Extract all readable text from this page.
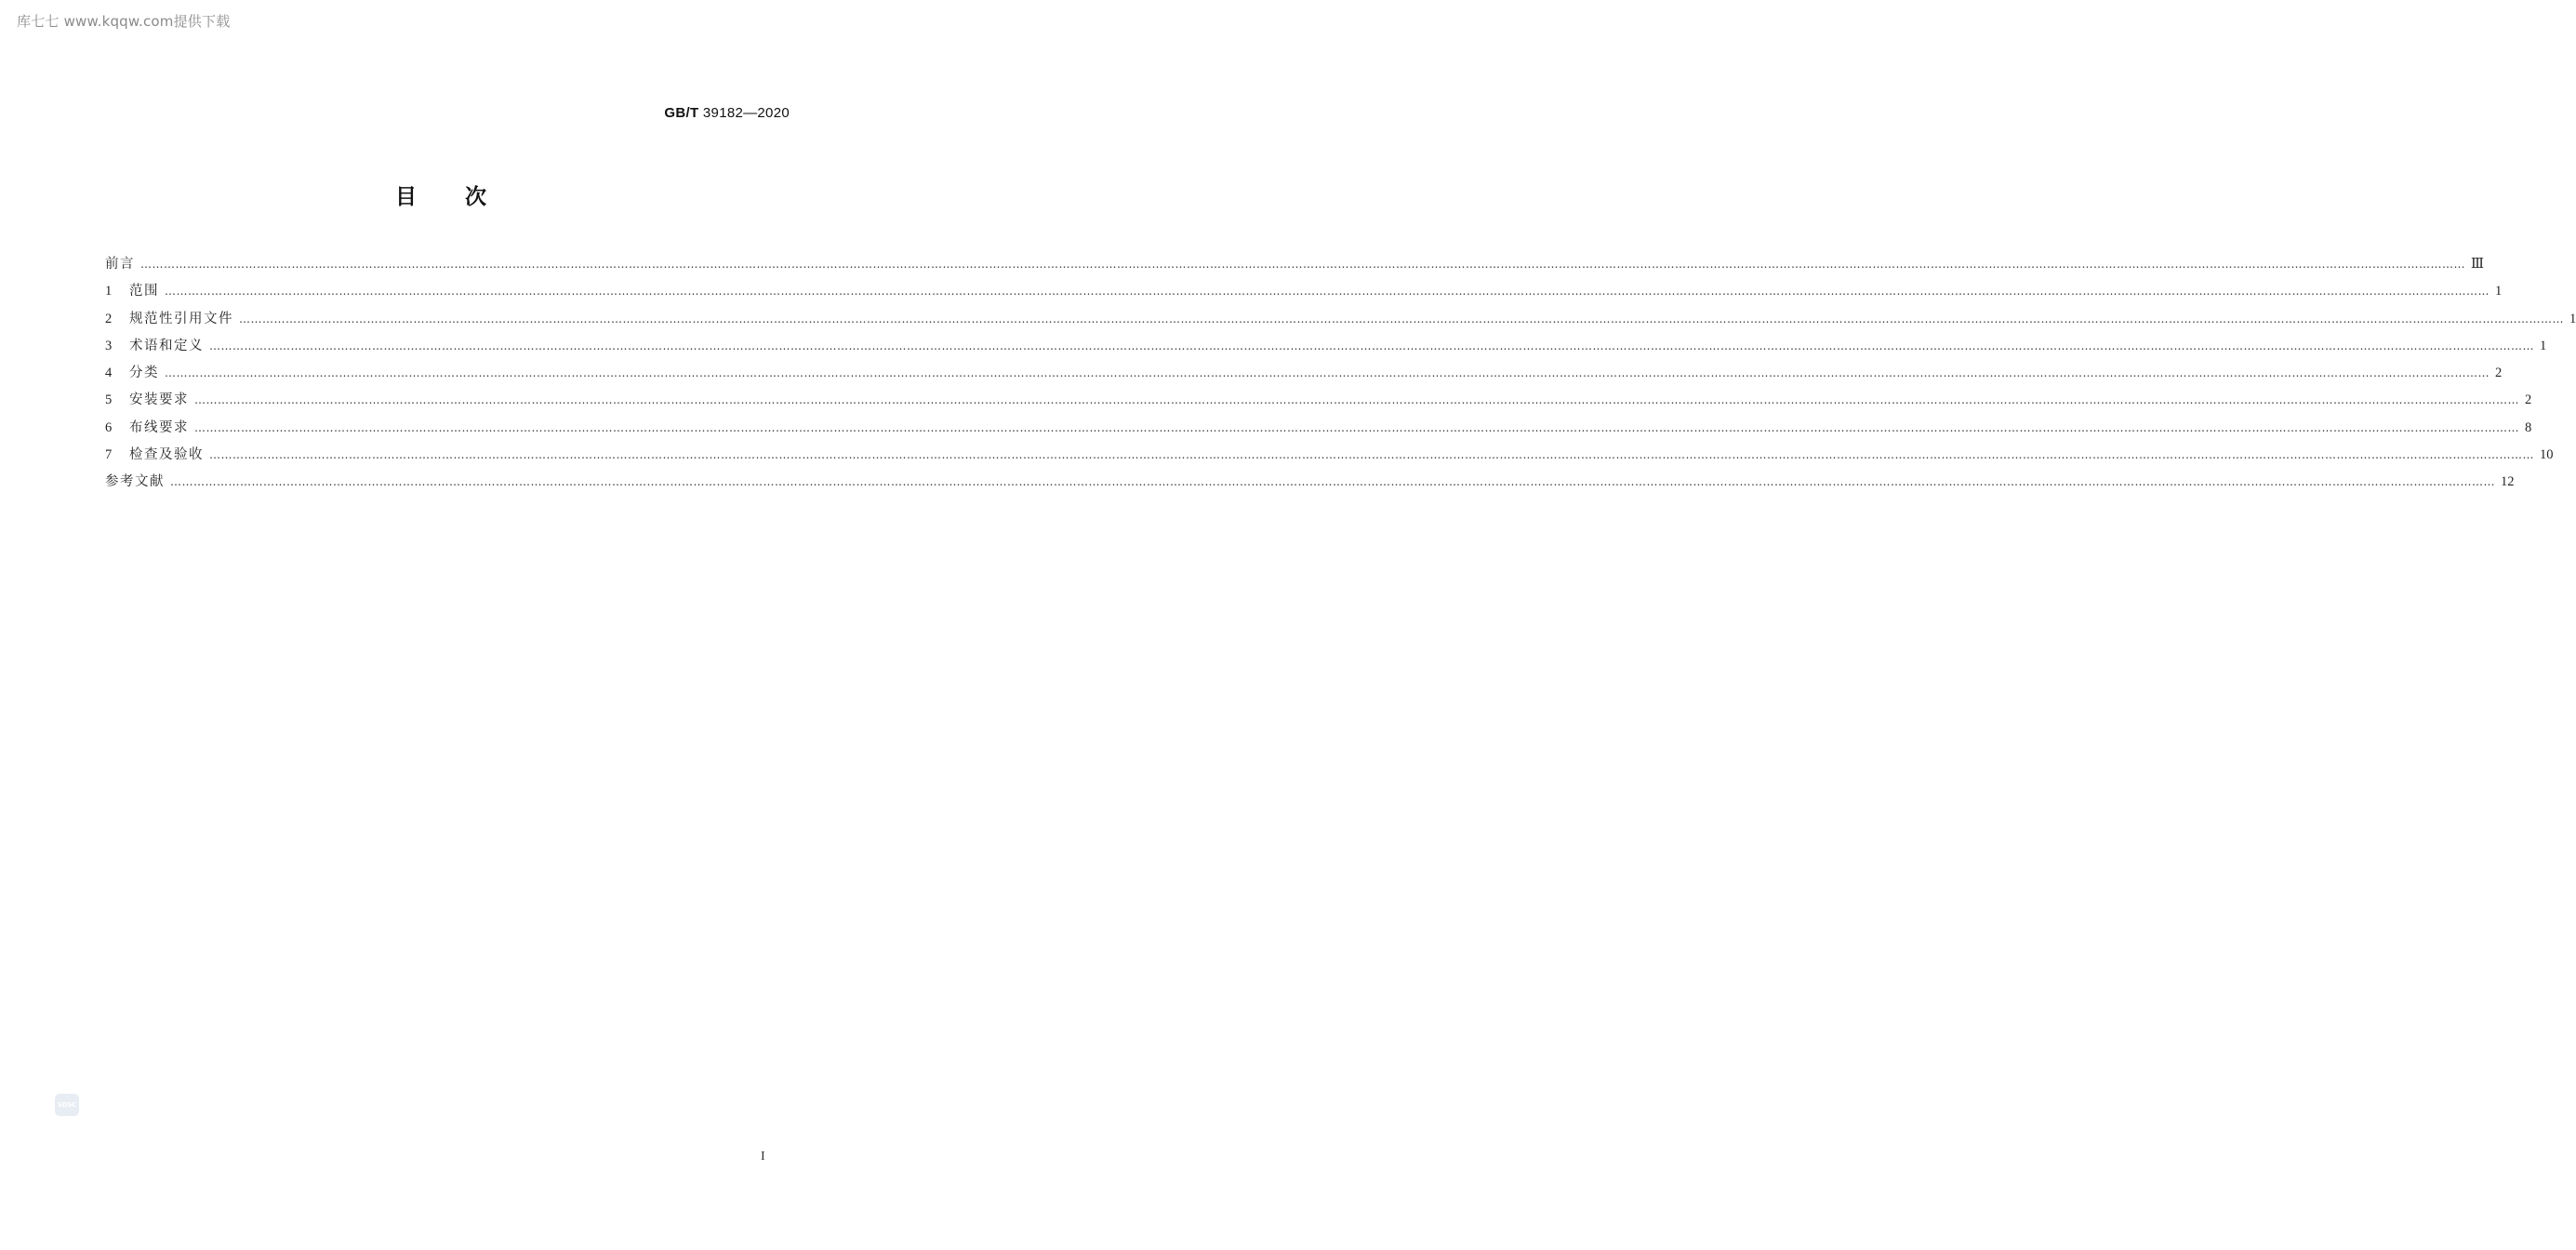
库七七 www.kqqw.com提供下载
GB/T 39182—2020
目 次
前言 …………………………………………………………………………………………………………………………………………………………………………………………………………………………………………………………………………………………………………………………………………………………………………………………………………………………………………………………………………………………………………………………………………………… Ⅲ
1	范围 …………………………………………………………………………………………………………………………………………………………………………………………………………………………………………………………………………………………………………………………………………………………………………………………………………………………………………………………………………………………………………………………………………………… 1
2	规范性引用文件 …………………………………………………………………………………………………………………………………………………………………………………………………………………………………………………………………………………………………………………………………………………………………………………………………………………………………………………………………………………………………………………………………………………… 1
3	术语和定义 …………………………………………………………………………………………………………………………………………………………………………………………………………………………………………………………………………………………………………………………………………………………………………………………………………………………………………………………………………………………………………………………………………………… 1
4	分类 …………………………………………………………………………………………………………………………………………………………………………………………………………………………………………………………………………………………………………………………………………………………………………………………………………………………………………………………………………………………………………………………………………………… 2
5	安装要求 …………………………………………………………………………………………………………………………………………………………………………………………………………………………………………………………………………………………………………………………………………………………………………………………………………………………………………………………………………………………………………………………………………………… 2
6	布线要求 …………………………………………………………………………………………………………………………………………………………………………………………………………………………………………………………………………………………………………………………………………………………………………………………………………………………………………………………………………………………………………………………………………………… 8
7	检查及验收 …………………………………………………………………………………………………………………………………………………………………………………………………………………………………………………………………………………………………………………………………………………………………………………………………………………………………………………………………………………………………………………………………………………… 10
参考文献 …………………………………………………………………………………………………………………………………………………………………………………………………………………………………………………………………………………………………………………………………………………………………………………………………………………………………………………………………………………………………………………………………………………… 12
SDSC
I
